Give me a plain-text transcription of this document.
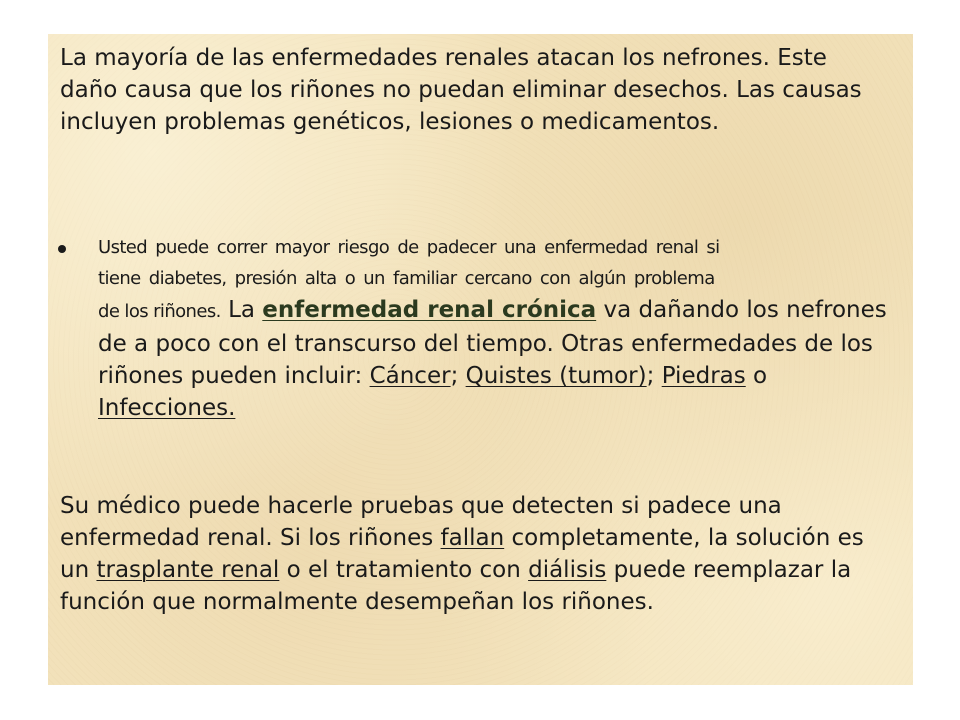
La mayoría de las enfermedades renales atacan los nefrones. Este daño causa que los riñones no puedan eliminar desechos. Las causas incluyen problemas genéticos, lesiones o medicamentos.

Usted puede correr mayor riesgo de padecer una enfermedad renal si
tiene diabetes, presión alta o un familiar cercano con algún problema
de los riñones. La enfermedad renal crónica va dañando los nefrones de a poco con el transcurso del tiempo. Otras enfermedades de los riñones pueden incluir: Cáncer; Quistes (tumor); Piedras o Infecciones.

Su médico puede hacerle pruebas que detecten si padece una enfermedad renal. Si los riñones fallan completamente, la solución es un trasplante renal o el tratamiento con diálisis puede reemplazar la función que normalmente desempeñan los riñones.
